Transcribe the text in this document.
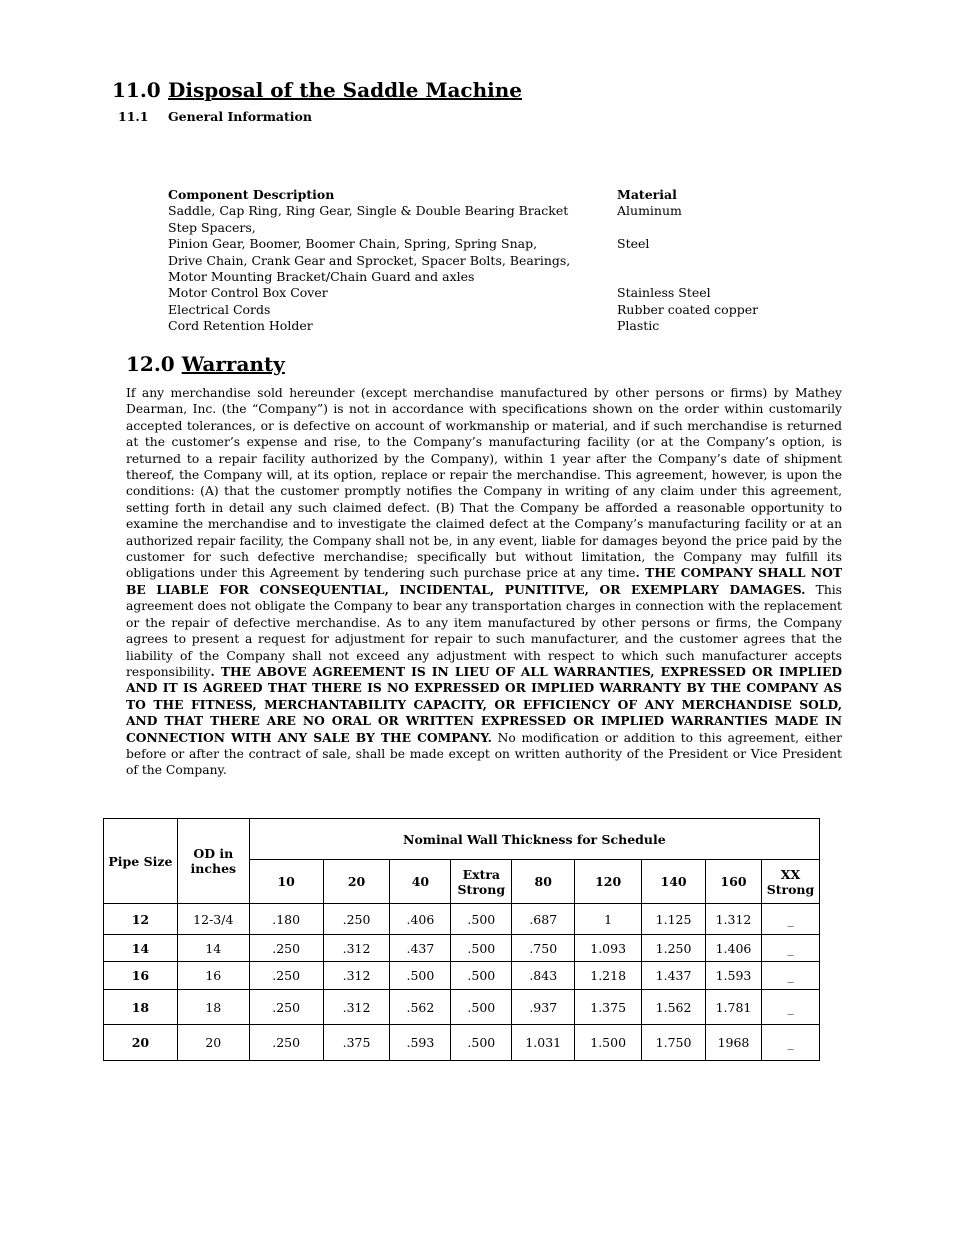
11.0 Disposal of the Saddle Machine
11.1 General Information
Component Description	Material
Saddle, Cap Ring, Ring Gear, Single & Double Bearing Bracket	Aluminum
Step Spacers,
Pinion Gear, Boomer, Boomer Chain, Spring, Spring Snap,	Steel
Drive Chain, Crank Gear and Sprocket, Spacer Bolts, Bearings,
Motor Mounting Bracket/Chain Guard and axles
Motor Control Box Cover	Stainless Steel
Electrical Cords	Rubber coated copper
Cord Retention Holder	Plastic
12.0 Warranty

If any merchandise sold hereunder (except merchandise manufactured by other persons or firms) by Mathey Dearman, Inc. (the “Company”) is not in accordance with specifications shown on the order within customarily accepted tolerances, or is defective on account of workmanship or material, and if such merchandise is returned at the customer’s expense and rise, to the Company’s manufacturing facility (or at the Company’s option, is returned to a repair facility authorized by the Company), within 1 year after the Company’s date of shipment thereof, the Company will, at its option, replace or repair the merchandise. This agreement, however, is upon the conditions: (A) that the customer promptly notifies the Company in writing of any claim under this agreement, setting forth in detail any such claimed defect. (B) That the Company be afforded a reasonable opportunity to examine the merchandise and to investigate the claimed defect at the Company’s manufacturing facility or at an authorized repair facility, the Company shall not be, in any event, liable for damages beyond the price paid by the customer for such defective merchandise; specifically but without limitation, the Company may fulfill its obligations under this Agreement by tendering such purchase price at any time. THE COMPANY SHALL NOT BE LIABLE FOR CONSEQUENTIAL, INCIDENTAL, PUNITITVE, OR EXEMPLARY DAMAGES. This agreement does not obligate the Company to bear any transportation charges in connection with the replacement or the repair of defective merchandise. As to any item manufactured by other persons or firms, the Company agrees to present a request for adjustment for repair to such manufacturer, and the customer agrees that the liability of the Company shall not exceed any adjustment with respect to which such manufacturer accepts responsibility. THE ABOVE AGREEMENT IS IN LIEU OF ALL WARRANTIES, EXPRESSED OR IMPLIED AND IT IS AGREED THAT THERE IS NO EXPRESSED OR IMPLIED WARRANTY BY THE COMPANY AS TO THE FITNESS, MERCHANTABILITY CAPACITY, OR EFFICIENCY OF ANY MERCHANDISE SOLD, AND THAT THERE ARE NO ORAL OR WRITTEN EXPRESSED OR IMPLIED WARRANTIES MADE IN CONNECTION WITH ANY SALE BY THE COMPANY. No modification or addition to this agreement, either before or after the contract of sale, shall be made except on written authority of the President or Vice President of the Company.

Pipe Size	OD in inches	Nominal Wall Thickness for Schedule								
		10	20	40	Extra Strong	80	120	140	160	XX Strong
12	12-3/4	.180	.250	.406	.500	.687	1	1.125	1.312	_
14	14	.250	.312	.437	.500	.750	1.093	1.250	1.406	_
16	16	.250	.312	.500	.500	.843	1.218	1.437	1.593	_
18	18	.250	.312	.562	.500	.937	1.375	1.562	1.781	_
20	20	.250	.375	.593	.500	1.031	1.500	1.750	1968	_
